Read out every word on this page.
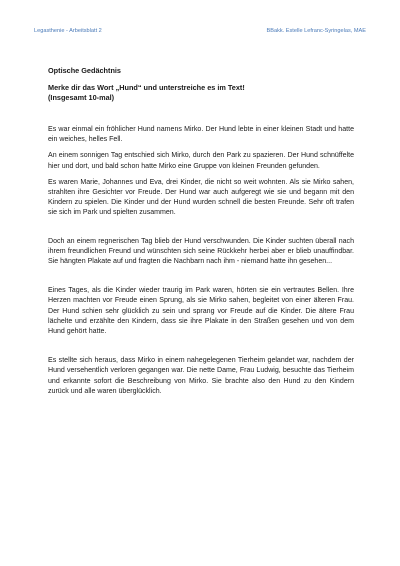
Legasthenie - Arbeitsblatt 2	BBakk. Estelle Lefranc-Syringelas, MAE
Optische Gedächtnis
Merke dir das Wort „Hund“ und unterstreiche es im Text!
(Insgesamt 10-mal)

Es war einmal ein fröhlicher Hund namens Mirko. Der Hund lebte in einer kleinen Stadt und hatte ein weiches, helles Fell.

An einem sonnigen Tag entschied sich Mirko, durch den Park zu spazieren. Der Hund schnüffelte hier und dort, und bald schon hatte Mirko eine Gruppe von kleinen Freunden gefunden.

Es waren Marie, Johannes und Eva, drei Kinder, die nicht so weit wohnten. Als sie Mirko sahen, strahlten ihre Gesichter vor Freude. Der Hund war auch aufgeregt wie sie und begann mit den Kindern zu spielen. Die Kinder und der Hund wurden schnell die besten Freunde. Sehr oft trafen sie sich im Park und spielten zusammen.

Doch an einem regnerischen Tag blieb der Hund verschwunden. Die Kinder suchten überall nach ihrem freundlichen Freund und wünschten sich seine Rückkehr herbei aber er blieb unauffindbar. Sie hängten Plakate auf und fragten die Nachbarn nach ihm - niemand hatte ihn gesehen...

Eines Tages, als die Kinder wieder traurig im Park waren, hörten sie ein vertrautes Bellen. Ihre Herzen machten vor Freude einen Sprung, als sie Mirko sahen, begleitet von einer älteren Frau. Der Hund schien sehr glücklich zu sein und sprang vor Freude auf die Kinder. Die ältere Frau lächelte und erzählte den Kindern, dass sie ihre Plakate in den Straßen gesehen und von dem Hund gehört hatte.

Es stellte sich heraus, dass Mirko in einem nahegelegenen Tierheim gelandet war, nachdem der Hund versehentlich verloren gegangen war. Die nette Dame, Frau Ludwig, besuchte das Tierheim und erkannte sofort die Beschreibung von Mirko. Sie brachte also den Hund zu den Kindern zurück und alle waren überglücklich.
